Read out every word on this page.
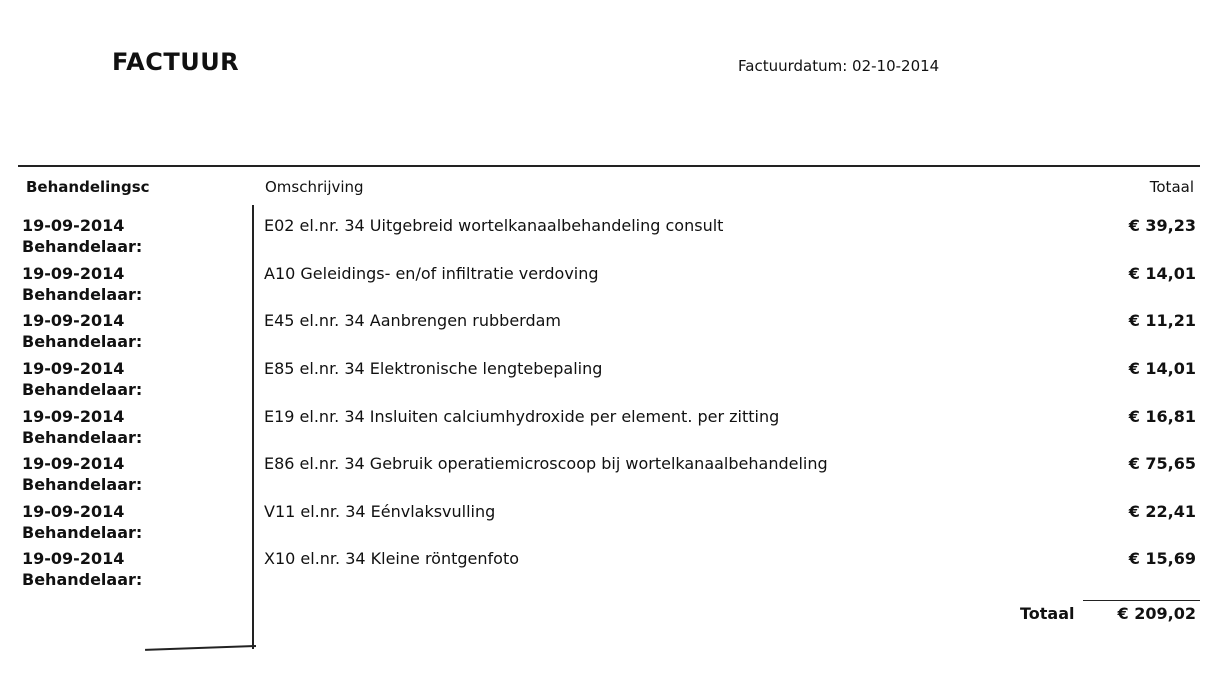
FACTUUR	Factuurdatum: 02-10-2014
Behandelingsc	Omschrijving	Totaal
19-09-2014
Behandelaar:
E02 el.nr. 34 Uitgebreid wortelkanaalbehandeling consult	€ 39,23
19-09-2014
Behandelaar:
A10 Geleidings- en/of infiltratie verdoving	€ 14,01
19-09-2014
Behandelaar:
E45 el.nr. 34 Aanbrengen rubberdam	€ 11,21
19-09-2014
Behandelaar:
E85 el.nr. 34 Elektronische lengtebepaling	€ 14,01
19-09-2014
Behandelaar:
E19 el.nr. 34 Insluiten calciumhydroxide per element. per zitting	€ 16,81
19-09-2014
Behandelaar:
E86 el.nr. 34 Gebruik operatiemicroscoop bij wortelkanaalbehandeling	€ 75,65
19-09-2014
Behandelaar:
V11 el.nr. 34 Eénvlaksvulling	€ 22,41
19-09-2014
Behandelaar:
X10 el.nr. 34 Kleine röntgenfoto	€ 15,69
Totaal	€ 209,02
